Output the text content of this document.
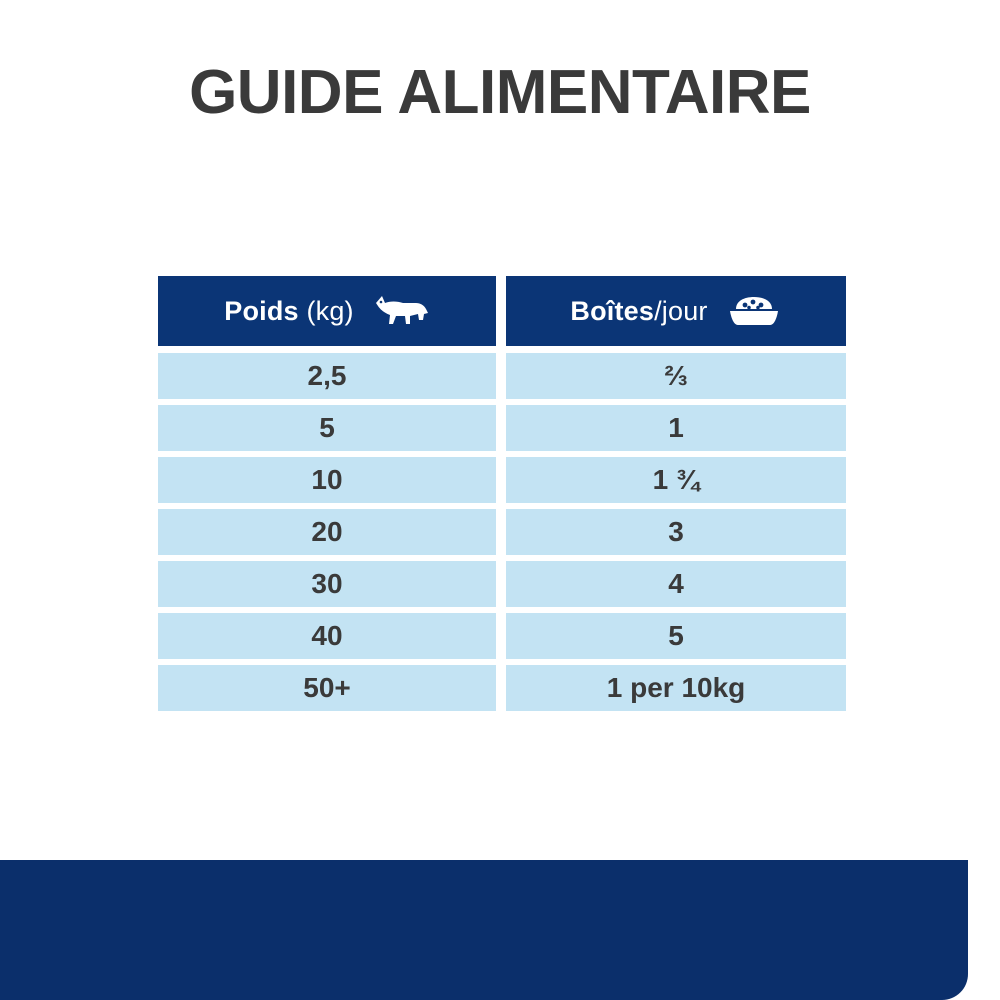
GUIDE ALIMENTAIRE
Poids (kg)	Boîtes/jour
2,5	⅔
5	1
10	1 ¾
20	3
30	4
40	5
50+	1 per 10kg
